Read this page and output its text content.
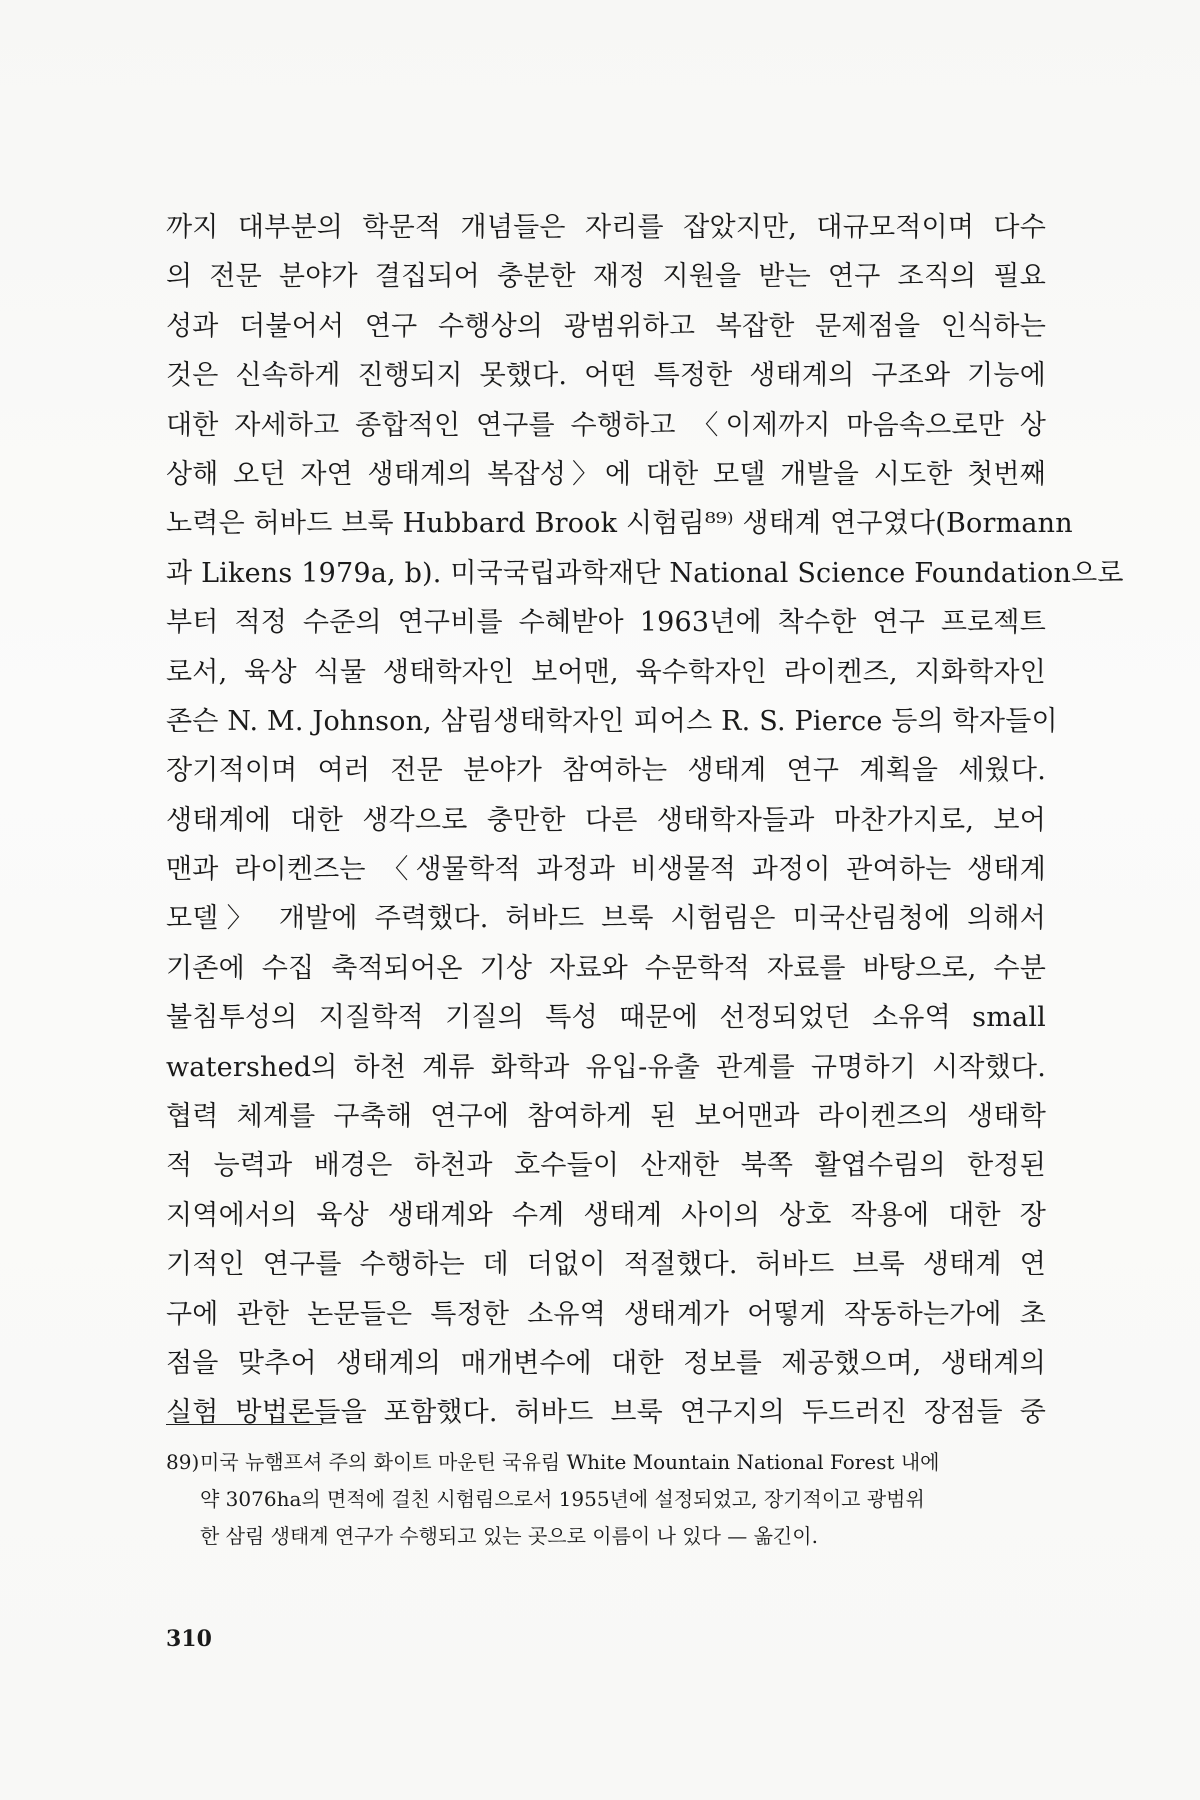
까지 대부분의 학문적 개념들은 자리를 잡았지만, 대규모적이며 다수
의 전문 분야가 결집되어 충분한 재정 지원을 받는 연구 조직의 필요
성과 더불어서 연구 수행상의 광범위하고 복잡한 문제점을 인식하는
것은 신속하게 진행되지 못했다. 어떤 특정한 생태계의 구조와 기능에
대한 자세하고 종합적인 연구를 수행하고 〈이제까지 마음속으로만 상
상해 오던 자연 생태계의 복잡성〉에 대한 모델 개발을 시도한 첫번째
노력은 허바드 브룩 Hubbard Brook 시험림⁸⁹⁾ 생태계 연구였다(Bormann
과 Likens 1979a, b). 미국국립과학재단 National Science Foundation으로
부터 적정 수준의 연구비를 수혜받아 1963년에 착수한 연구 프로젝트
로서, 육상 식물 생태학자인 보어맨, 육수학자인 라이켄즈, 지화학자인
존슨 N. M. Johnson, 삼림생태학자인 피어스 R. S. Pierce 등의 학자들이
장기적이며 여러 전문 분야가 참여하는 생태계 연구 계획을 세웠다.
생태계에 대한 생각으로 충만한 다른 생태학자들과 마찬가지로, 보어
맨과 라이켄즈는 〈생물학적 과정과 비생물적 과정이 관여하는 생태계
모델〉 개발에 주력했다. 허바드 브룩 시험림은 미국산림청에 의해서
기존에 수집 축적되어온 기상 자료와 수문학적 자료를 바탕으로, 수분
불침투성의 지질학적 기질의 특성 때문에 선정되었던 소유역 small
watershed의 하천 계류 화학과 유입-유출 관계를 규명하기 시작했다.
협력 체계를 구축해 연구에 참여하게 된 보어맨과 라이켄즈의 생태학
적 능력과 배경은 하천과 호수들이 산재한 북쪽 활엽수림의 한정된
지역에서의 육상 생태계와 수계 생태계 사이의 상호 작용에 대한 장
기적인 연구를 수행하는 데 더없이 적절했다. 허바드 브룩 생태계 연
구에 관한 논문들은 특정한 소유역 생태계가 어떻게 작동하는가에 초
점을 맞추어 생태계의 매개변수에 대한 정보를 제공했으며, 생태계의
실험 방법론들을 포함했다. 허바드 브룩 연구지의 두드러진 장점들 중
89)미국 뉴햄프셔 주의 화이트 마운틴 국유림 White Mountain National Forest 내에
약 3076ha의 면적에 걸친 시험림으로서 1955년에 설정되었고, 장기적이고 광범위
한 삼림 생태계 연구가 수행되고 있는 곳으로 이름이 나 있다 — 옮긴이.
310
